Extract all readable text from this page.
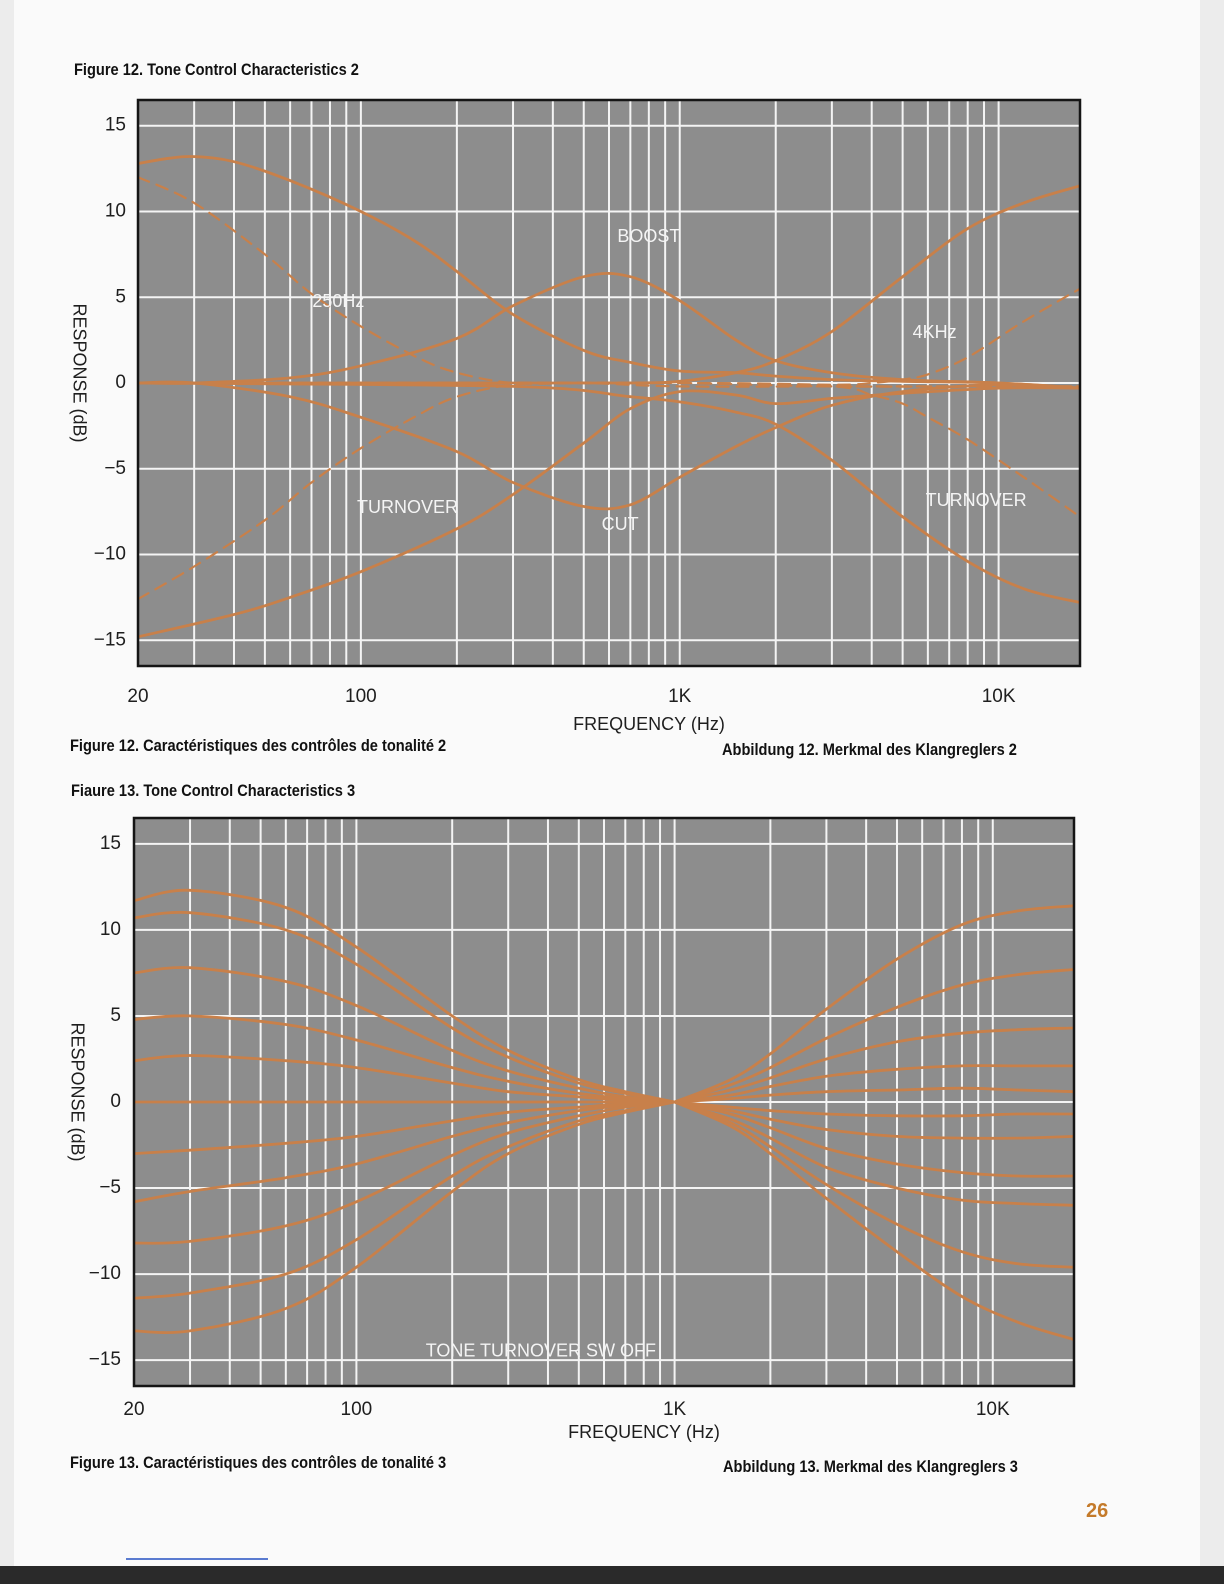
Figure 12. Tone Control Characteristics 2
BOOST
250Hz
4KHz
TURNOVER
CUT
TURNOVER
15
10
5
0
−5
−10
−15
20	100	1K	10K
FREQUENCY (Hz)
RESPONSE (dB)
Figure 12. Caractéristiques des contrôles de tonalité 2	Abbildung 12. Merkmal des Klangreglers 2
Fiaure 13. Tone Control Characteristics 3
TONE TURNOVER SW OFF
15
10
5
0
−5
−10
−15
20	100	1K	10K
FREQUENCY (Hz)
RESPONSE (dB)
Figure 13. Caractéristiques des contrôles de tonalité 3	Abbildung 13. Merkmal des Klangreglers 3
26
